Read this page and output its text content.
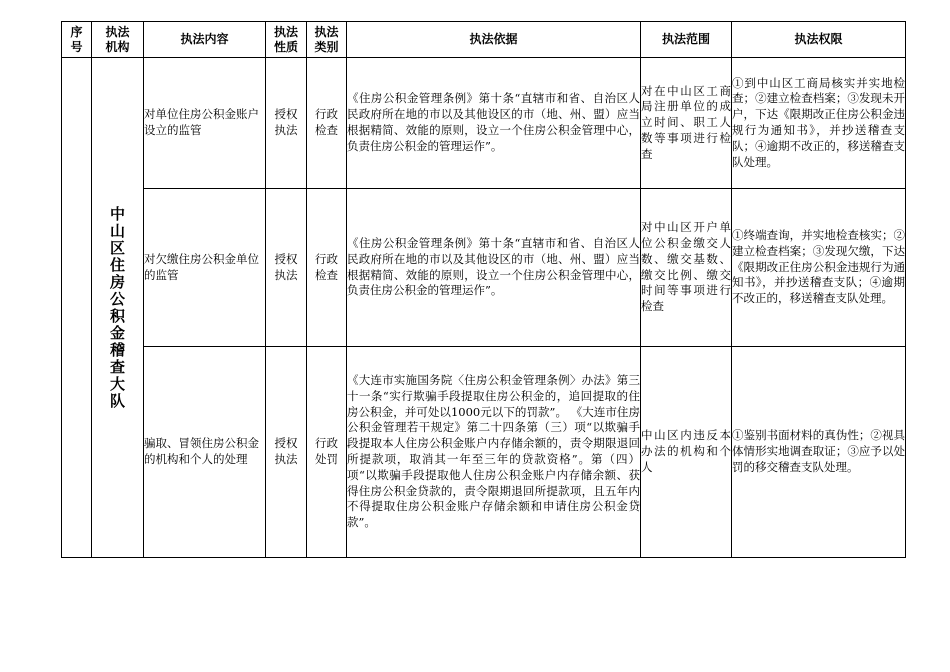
序号	执法机构	执法内容	执法性质	执法类别	执法依据	执法范围	执法权限
	中山区住房公积金稽查大队	对单位住房公积金账户设立的监管	授权执法	行政检查	《住房公积金管理条例》第十条“直辖市和省、自治区人民政府所在地的市以及其他设区的市（地、州、盟）应当根据精简、效能的原则，设立一个住房公积金管理中心，负责住房公积金的管理运作”。	对在中山区工商局注册单位的成立时间、职工人数等事项进行检查	①到中山区工商局核实并实地检查；②建立检查档案；③发现未开户，下达《限期改正住房公积金违规行为通知书》，并抄送稽查支队；④逾期不改正的，移送稽查支队处理。
		对欠缴住房公积金单位的监管	授权执法	行政检查	《住房公积金管理条例》第十条“直辖市和省、自治区人民政府所在地的市以及其他设区的市（地、州、盟）应当根据精简、效能的原则，设立一个住房公积金管理中心，负责住房公积金的管理运作”。	对中山区开户单位公积金缴交人数、缴交基数、缴交比例、缴交时间等事项进行检查	①终端查询，并实地检查核实；②建立检查档案；③发现欠缴，下达《限期改正住房公积金违规行为通知书》，并抄送稽查支队；④逾期不改正的，移送稽查支队处理。
		骗取、冒领住房公积金的机构和个人的处理	授权执法	行政处罚	《大连市实施国务院〈住房公积金管理条例〉办法》第三十一条“实行欺骗手段提取住房公积金的，追回提取的住房公积金，并可处以1000元以下的罚款”。 《大连市住房公积金管理若干规定》第二十四条第（三）项“以欺骗手段提取本人住房公积金账户内存储余额的，责令期限退回所提款项，取消其一年至三年的贷款资格”。第（四）项“以欺骗手段提取他人住房公积金账户内存储余额、获得住房公积金贷款的，责令限期退回所提款项，且五年内不得提取住房公积金账户存储余额和申请住房公积金贷款”。	中山区内违反本办法的机构和个人	①鉴别书面材料的真伪性；②视具体情形实地调查取证；③应予以处罚的移交稽查支队处理。
